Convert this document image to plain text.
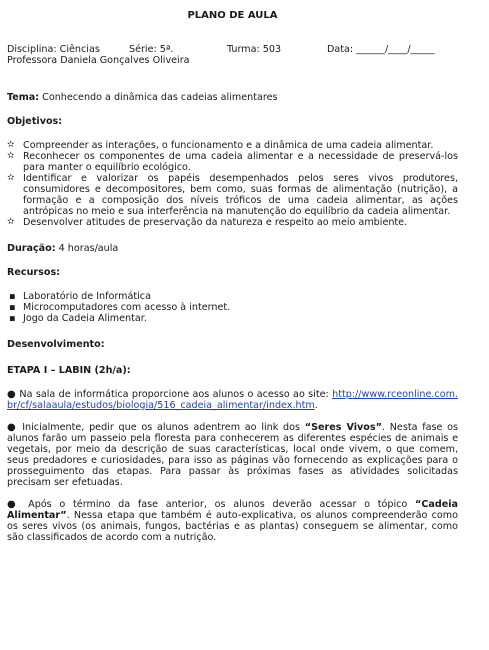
PLANO DE AULA
Disciplina: Ciências	Série: 5ª.	Turma: 503	Data: ______/____/_____
Professora Daniela Gonçalves Oliveira
Tema: Conhecendo a dinâmica das cadeias alimentares
Objetivos:
✫ Compreender as interações, o funcionamento e a dinâmica de uma cadeia alimentar.
✫ Reconhecer os componentes de uma cadeia alimentar e a necessidade de preservá-los para manter o equilíbrio ecológico.
✫ Identificar e valorizar os papéis desempenhados pelos seres vivos produtores, consumidores e decompositores, bem como, suas formas de alimentação (nutrição), a formação e a composição dos níveis tróficos de uma cadeia alimentar, as ações antrópicas no meio e sua interferência na manutenção do equilíbrio da cadeia alimentar.
✫ Desenvolver atitudes de preservação da natureza e respeito ao meio ambiente.
Duração: 4 horas/aula
Recursos:
▪ Laboratório de Informática
▪ Microcomputadores com acesso à internet.
▪ Jogo da Cadeia Alimentar.
Desenvolvimento:
ETAPA I – LABIN (2h/a):
● Na sala de informática proporcione aos alunos o acesso ao site: http://www.rceonline.com.br/cf/salaaula/estudos/biologia/516_cadeia_alimentar/index.htm.
● Inicialmente, pedir que os alunos adentrem ao link dos “Seres Vivos”. Nesta fase os alunos farão um passeio pela floresta para conhecerem as diferentes espécies de animais e vegetais, por meio da descrição de suas características, local onde vivem, o que comem, seus predadores e curiosidades, para isso as páginas vão fornecendo as explicações para o prosseguimento das etapas. Para passar às próximas fases as atividades solicitadas precisam ser efetuadas.
● Após o término da fase anterior, os alunos deverão acessar o tópico “Cadeia Alimentar”. Nessa etapa que também é auto-explicativa, os alunos compreenderão como os seres vivos (os animais, fungos, bactérias e as plantas) conseguem se alimentar, como são classificados de acordo com a nutrição.
